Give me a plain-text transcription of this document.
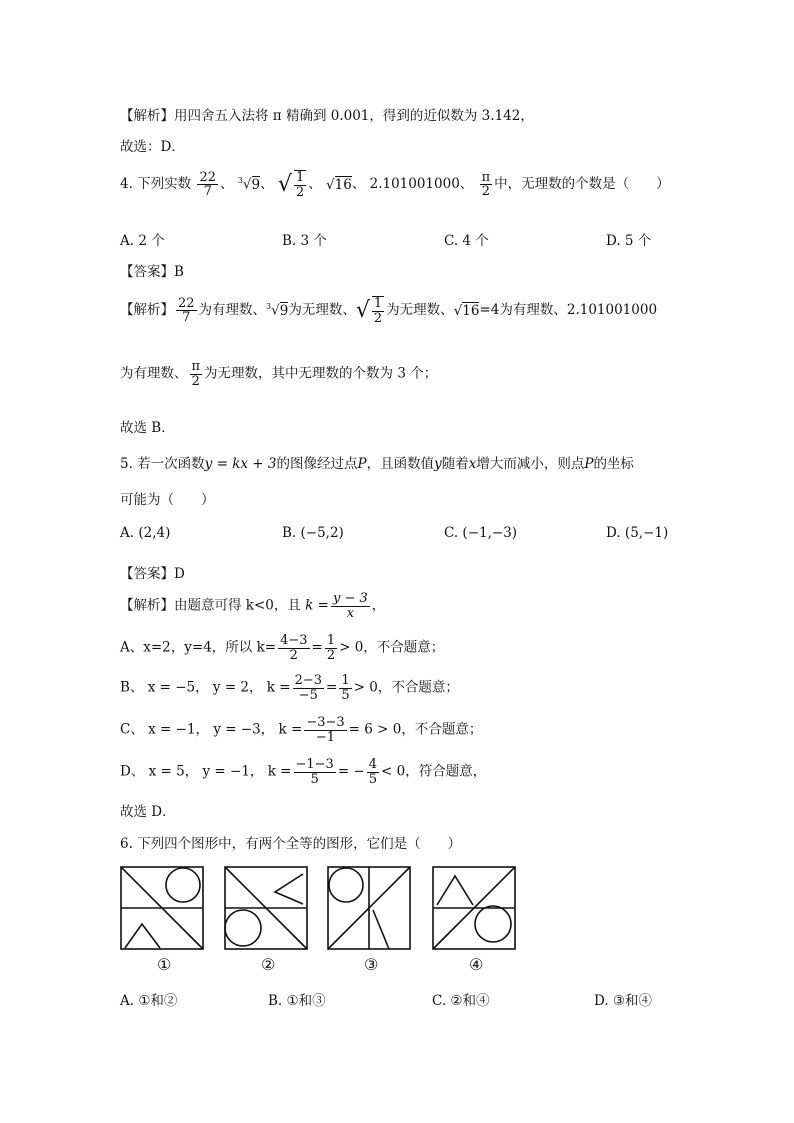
【解析】用四舍五入法将 π 精确到 0.001，得到的近似数为 3.142，
故选：D．
4. 下列实数 $\frac{22}{7}$ 、 $^3$√9、 √ $\frac{1}{2}$ 、 √16、 2.101001000、 $\frac{\pi}{2}$ 中，无理数的个数是（　　）
A. 2 个	B. 3 个	C. 4 个	D. 5 个
【答案】B
【解析】 $\frac{22}{7}$ 为有理数、$^3$√9为无理数、√ $\frac{1}{2}$ 为无理数、√16=4为有理数、2.101001000
为有理数、 $\frac{\pi}{2}$ 为无理数，其中无理数的个数为 3 个；
故选 B．
5. 若一次函数y = kx + 3的图像经过点P，且函数值y随着x增大而减小，则点P的坐标
可能为（　　）
A. (2,4)	B. (−5,2)	C. (−1,−3)	D. (5,−1)
【答案】D
【解析】由题意可得 k<0，且 $k = \frac{y - 3}{x}$ ，
A、x=2，y=4，所以 $k= \frac{4-3}{2} = \frac{1}{2} > 0$，不合题意；
B、 x = −5， y = 2， $k = \frac{2-3}{-5} = \frac{1}{5} > 0$，不合题意；
C、 x = −1， y = −3， $k = \frac{-3-3}{-1} = 6 > 0$，不合题意；
D、 x = 5， y = −1， $k = \frac{-1-3}{5}$ = − $\frac{4}{5} < 0$，符合题意，
故选 D．
6. 下列四个图形中，有两个全等的图形，它们是（　　）
①	②	③	④
A. ①和②	B. ①和③	C. ②和④	D. ③和④
